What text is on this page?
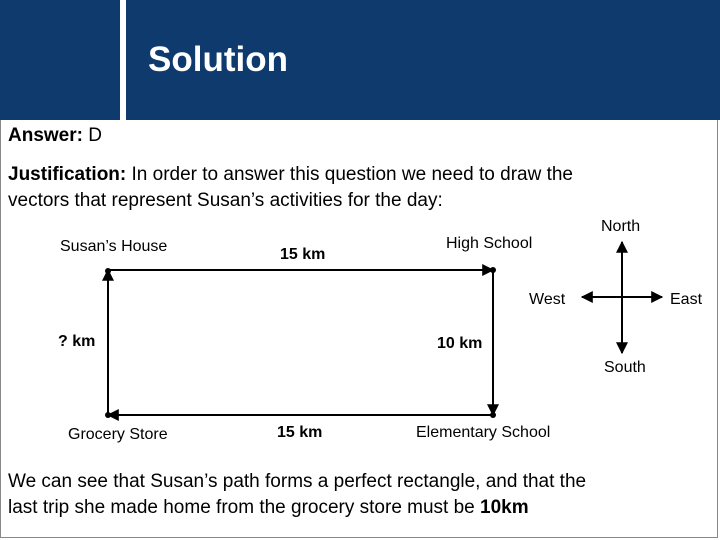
Solution
Answer: D
Justification: In order to answer this question we need to draw the
vectors that represent Susan’s activities for the day:
Susan’s House	15 km
High School
? km	10 km
Grocery Store	15 km	Elementary School
North
West	East
South
We can see that Susan’s path forms a perfect rectangle, and that the
last trip she made home from the grocery store must be 10km
